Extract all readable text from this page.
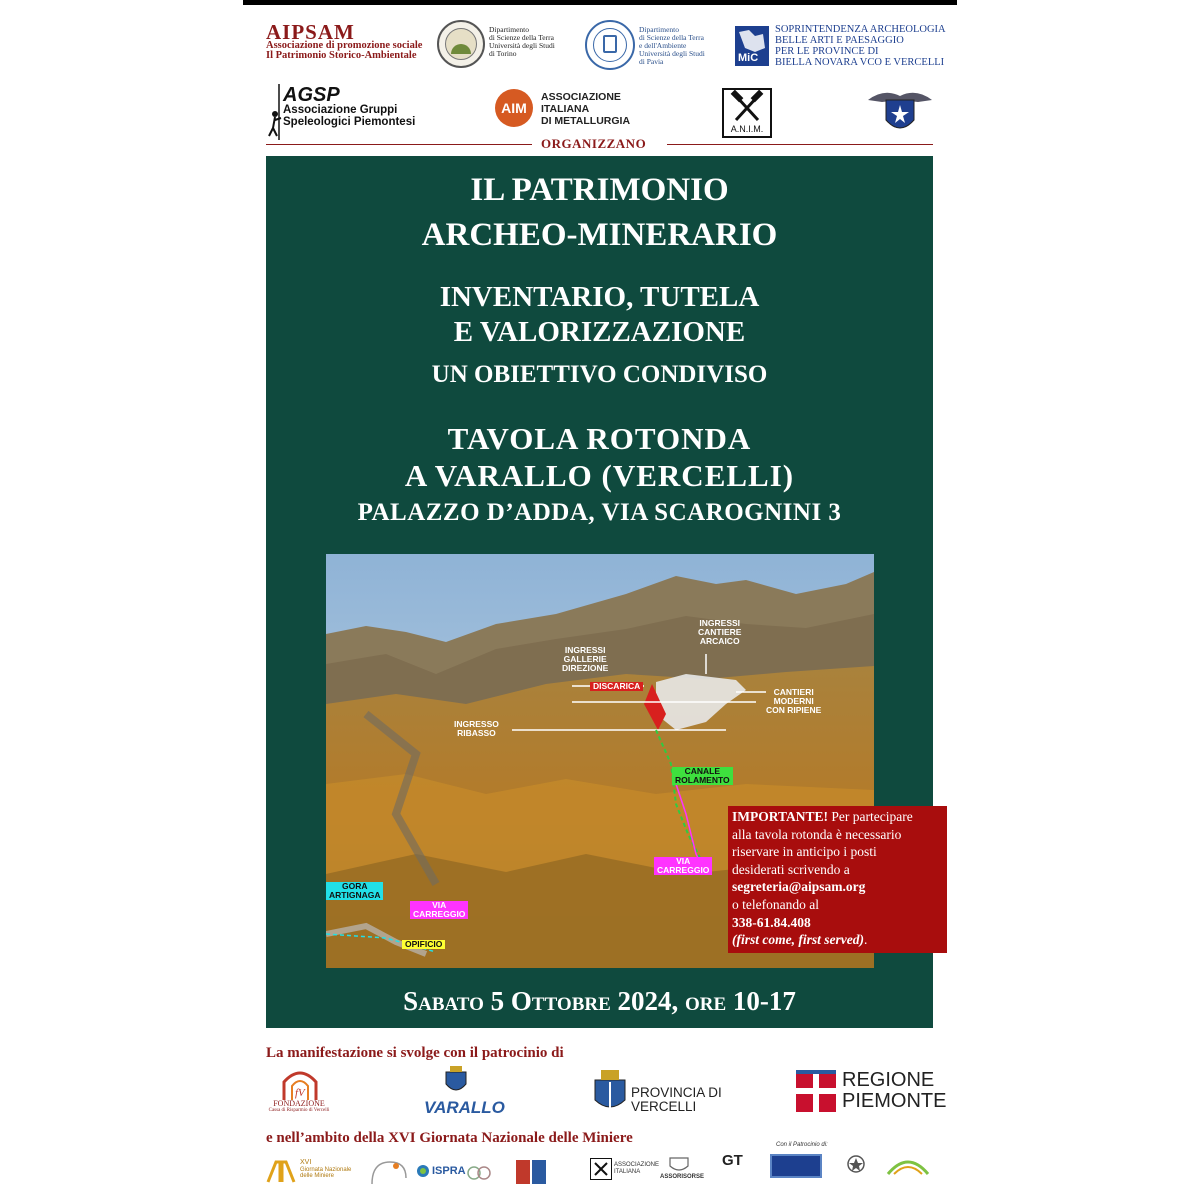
AIPSAM
Associazione di promozione sociale
Il Patrimonio Storico-Ambientale
Dipartimento
di Scienze della Terra
Università degli Studi
di Torino
Dipartimento
di Scienze della Terra
e dell'Ambiente
Università degli Studi
di Pavia	MiC
SOPRINTENDENZA ARCHEOLOGIA
BELLE ARTI E PAESAGGIO
PER LE PROVINCE DI
BIELLA NOVARA VCO E VERCELLI
AGSP
Associazione Gruppi
Speleologici Piemontesi
AIM
ASSOCIAZIONE
ITALIANA
DI METALLURGIA
A.N.I.M.
ORGANIZZANO
IL PATRIMONIO
ARCHEO-MINERARIO
INVENTARIO, TUTELA
E VALORIZZAZIONE
UN OBIETTIVO CONDIVISO
TAVOLA ROTONDA
A VARALLO (VERCELLI)
PALAZZO D’ADDA, VIA SCAROGNINI 3
INGRESSI
CANTIERE
ARCAICO
INGRESSI
GALLERIE
DIREZIONE
DISCARICA
CANTIERI
MODERNI
CON RIPIENE
INGRESSO
RIBASSO
CANALE
ROLAMENTO
VIA
CARREGGIO
GORA
ARTIGNAGA
VIA
CARREGGIO
OPIFICIO
IMPORTANTE! Per partecipare
alla tavola rotonda è necessario
riservare in anticipo i posti
desiderati scrivendo a
segreteria@aipsam.org
o telefonando al
338-61.84.408
(first come, first served).
Sabato 5 Ottobre 2024, ore 10-17
La manifestazione si svolge con il patrocinio di
fV
FONDAZIONE
Cassa di Risparmio di Vercelli	VARALLO
PROVINCIA DI
VERCELLI
REGIONE
PIEMONTE
e nell’ambito della XVI Giornata Nazionale delle Miniere
XVI
Giornata Nazionale
delle Miniere	ISPRA	ASSOCIAZIONE
ITALIANA
ASSORISORSE
GT
Con il Patrocinio di:
